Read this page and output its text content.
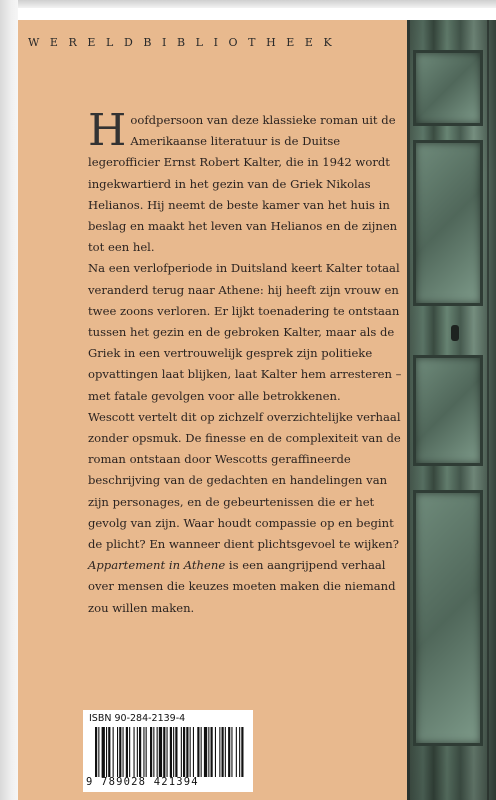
WERELDBIBLIOTHEEK

Hoofdpersoon van deze klassieke roman uit de Amerikaanse literatuur is de Duitse legerofficier Ernst Robert Kalter, die in 1942 wordt ingekwartierd in het gezin van de Griek Nikolas Helianos. Hij neemt de beste kamer van het huis in beslag en maakt het leven van Helianos en de zijnen tot een hel.

Na een verlofperiode in Duitsland keert Kalter totaal veranderd terug naar Athene: hij heeft zijn vrouw en twee zoons verloren. Er lijkt toenadering te ontstaan tussen het gezin en de gebroken Kalter, maar als de Griek in een vertrouwelijk gesprek zijn politieke opvattingen laat blijken, laat Kalter hem arresteren – met fatale gevolgen voor alle betrokkenen.

Wescott vertelt dit op zichzelf overzichtelijke verhaal zonder opsmuk. De finesse en de complexiteit van de roman ontstaan door Wescotts geraffineerde beschrijving van de gedachten en handelingen van zijn personages, en de gebeurtenissen die er het gevolg van zijn. Waar houdt compassie op en begint de plicht? En wanneer dient plichtsgevoel te wijken? Appartement in Athene is een aangrijpend verhaal over mensen die keuzes moeten maken die niemand zou willen maken.

ISBN 90-284-2139-4
9 789028 421394
